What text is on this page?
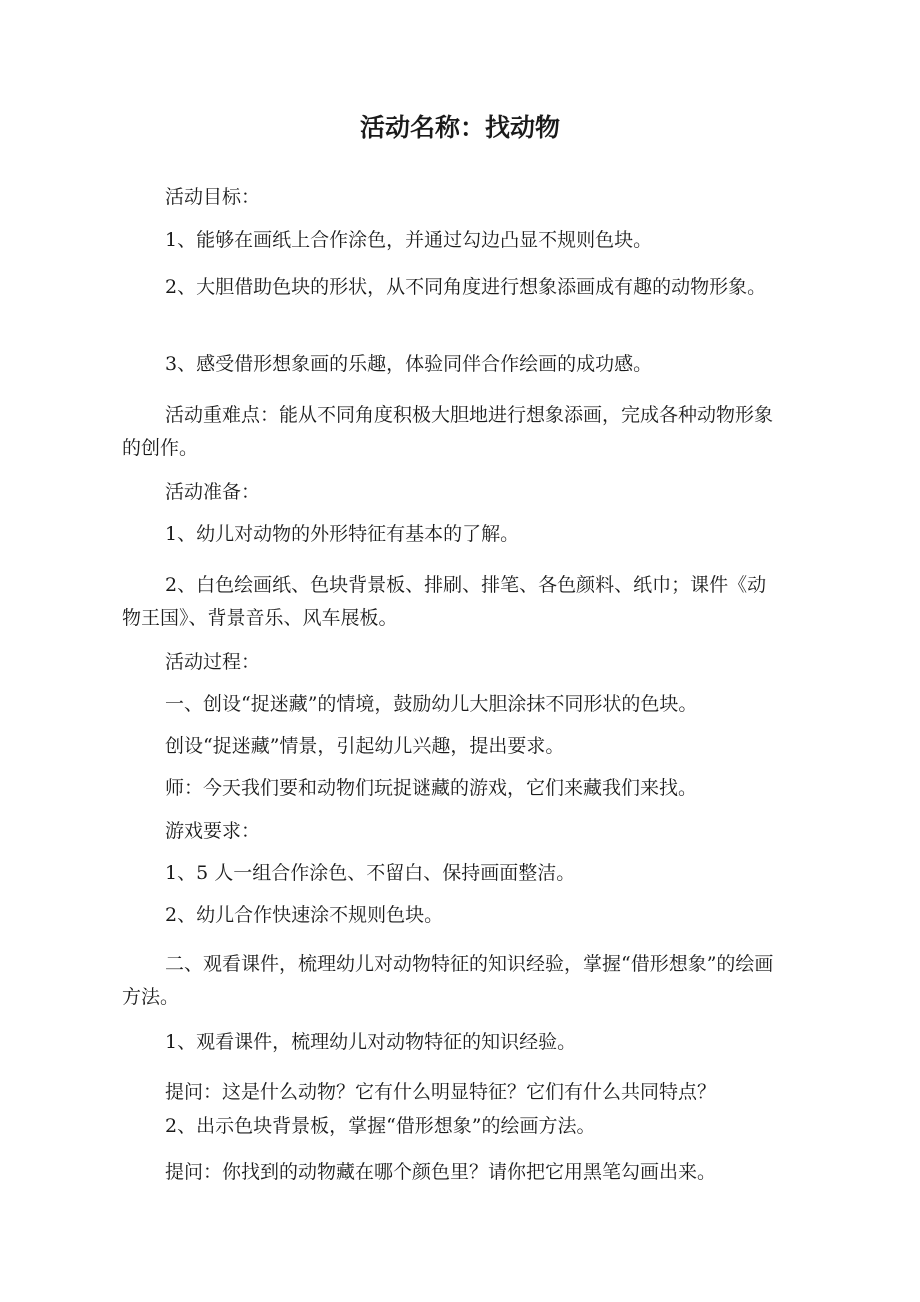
活动名称：找动物
活动目标：
1、能够在画纸上合作涂色，并通过勾边凸显不规则色块。
2、大胆借助色块的形状，从不同角度进行想象添画成有趣的动物形象。
3、感受借形想象画的乐趣，体验同伴合作绘画的成功感。
活动重难点：能从不同角度积极大胆地进行想象添画，完成各种动物形象的创作。
活动准备：
1、幼儿对动物的外形特征有基本的了解。
2、白色绘画纸、色块背景板、排刷、排笔、各色颜料、纸巾；课件《动物王国》、背景音乐、风车展板。
活动过程：
一、创设“捉迷藏”的情境，鼓励幼儿大胆涂抹不同形状的色块。
创设“捉迷藏”情景，引起幼儿兴趣，提出要求。
师：今天我们要和动物们玩捉谜藏的游戏，它们来藏我们来找。
游戏要求：
1、5 人一组合作涂色、不留白、保持画面整洁。
2、幼儿合作快速涂不规则色块。
二、观看课件，梳理幼儿对动物特征的知识经验，掌握“借形想象”的绘画方法。
1、观看课件，梳理幼儿对动物特征的知识经验。
提问：这是什么动物？它有什么明显特征？它们有什么共同特点？
2、出示色块背景板，掌握“借形想象”的绘画方法。
提问：你找到的动物藏在哪个颜色里？请你把它用黑笔勾画出来。
